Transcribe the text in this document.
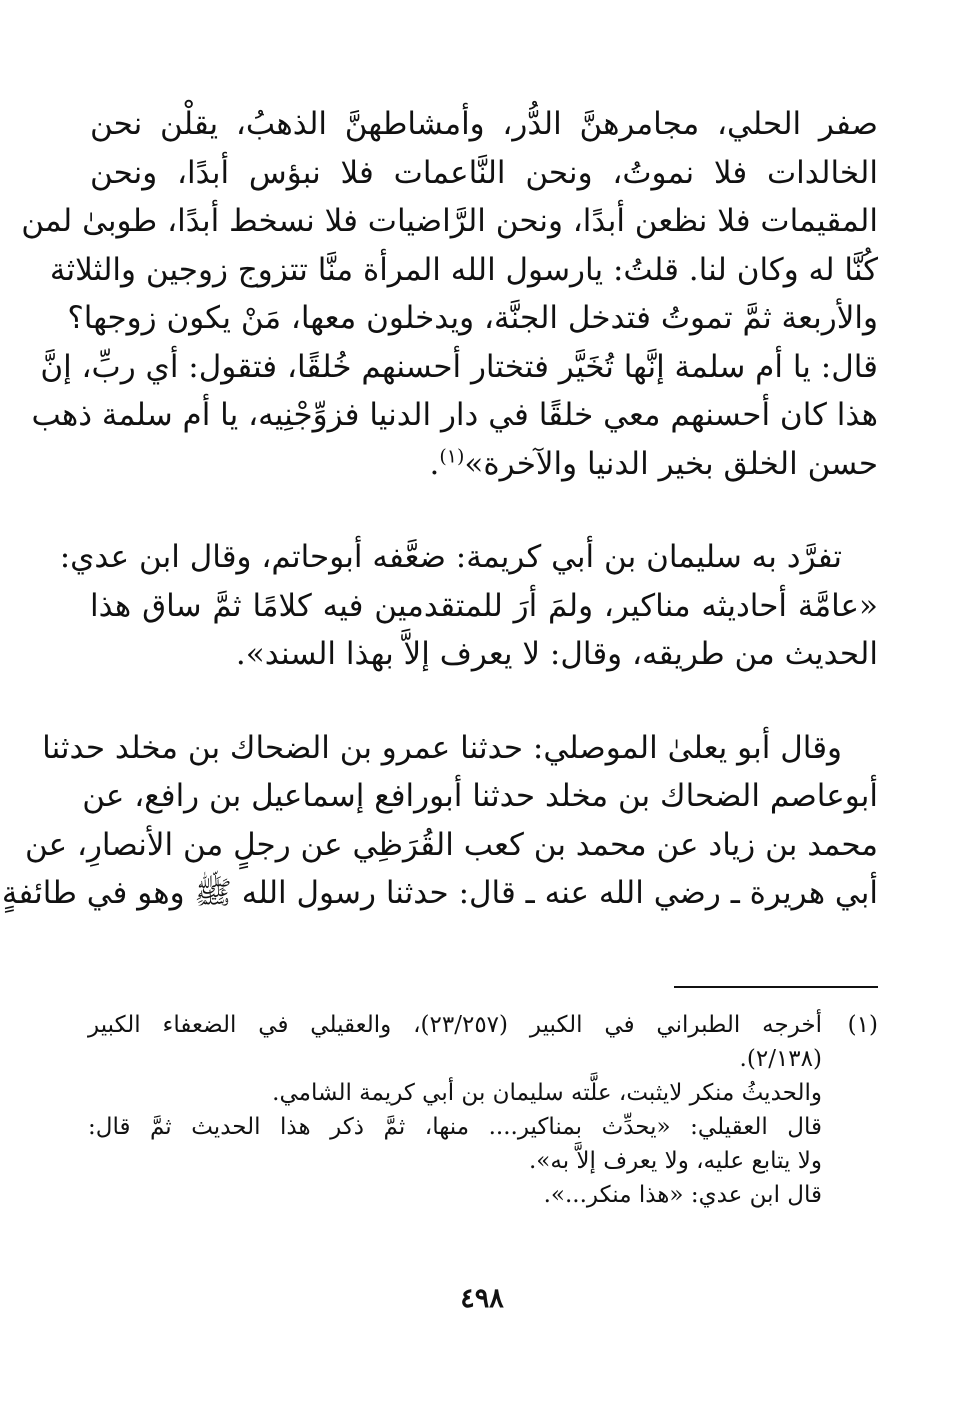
صفر الحلي، مجامرهنَّ الدُّر، وأمشاطهنَّ الذهبُ، يقلْن نحن
الخالدات فلا نموتُ، ونحن النَّاعمات فلا نبؤس أبدًا، ونحن
المقيمات فلا نظعن أبدًا، ونحن الرَّاضيات فلا نسخط أبدًا، طوبىٰ لمن
كُنَّا له وكان لنا. قلتُ: يارسول الله المرأة منَّا تتزوج زوجين والثلاثة
والأربعة ثمَّ تموتُ فتدخل الجنَّة، ويدخلون معها، مَنْ يكون زوجها؟
قال: يا أم سلمة إنَّها تُخَيَّر فتختار أحسنهم خُلقًا، فتقول: أي ربِّ، إنَّ
هذا كان أحسنهم معي خلقًا في دار الدنيا فزوِّجْنِيه، يا أم سلمة ذهب
حسن الخلق بخير الدنيا والآخرة»$^{(١)}$.
تفرَّد به سليمان بن أبي كريمة: ضعَّفه أبوحاتم، وقال ابن عدي:
«عامَّة أحاديثه مناكير، ولمَ أرَ للمتقدمين فيه كلامًا ثمَّ ساق هذا
الحديث من طريقه، وقال: لا يعرف إلاَّ بهذا السند».
وقال أبو يعلىٰ الموصلي: حدثنا عمرو بن الضحاك بن مخلد حدثنا
أبوعاصم الضحاك بن مخلد حدثنا أبورافع إسماعيل بن رافع، عن
محمد بن زياد عن محمد بن كعب القُرَظِي عن رجلٍ من الأنصارِ، عن
أبي هريرة ـ رضي الله عنه ـ قال: حدثنا رسول الله ﷺ وهو في طائفةٍ
(١)
أخرجه الطبراني في الكبير (٢٣/٢٥٧)، والعقيلي في الضعفاء الكبير
(٢/١٣٨).
والحديثُ منكر لايثبت، علَّته سليمان بن أبي كريمة الشامي.
قال العقيلي: «يحدِّث بمناكير.... منها، ثمَّ ذكر هذا الحديث ثمَّ قال:
ولا يتابع عليه، ولا يعرف إلاَّ به».
قال ابن عدي: «هذا منكر...».
٤٩٨
